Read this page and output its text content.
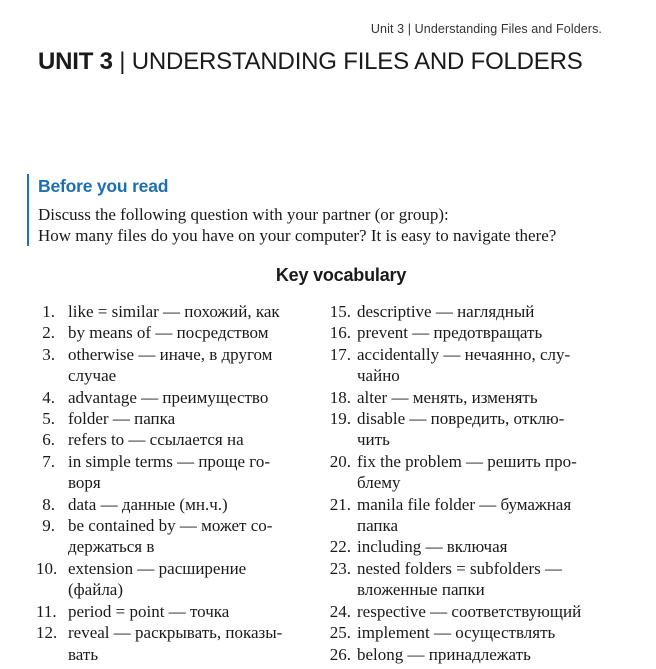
Unit 3 | Understanding Files and Folders.
UNIT 3 | UNDERSTANDING FILES AND FOLDERS
Before you read
Discuss the following question with your partner (or group):
How many files do you have on your computer? It is easy to navigate there?
Key vocabulary
1. like = similar — похожий, как
2. by means of — посредством
3. otherwise — иначе, в другом
случае
4. advantage — преимущество
5. folder — папка
6. refers to — ссылается на
7. in simple terms — проще го-
воря
8. data — данные (мн.ч.)
9. be contained by — может со-
держаться в
10. extension — расширение
(файла)
11. period = point — точка
12. reveal — раскрывать, показы-
вать
15. descriptive — наглядный
16. prevent — предотвращать
17. accidentally — нечаянно, слу-
чайно
18. alter — менять, изменять
19. disable — повредить, отклю-
чить
20. fix the problem — решить про-
блему
21. manila file folder — бумажная
папка
22. including — включая
23. nested folders = subfolders —
вложенные папки
24. respective — соответствующий
25. implement — осуществлять
26. belong — принадлежать
